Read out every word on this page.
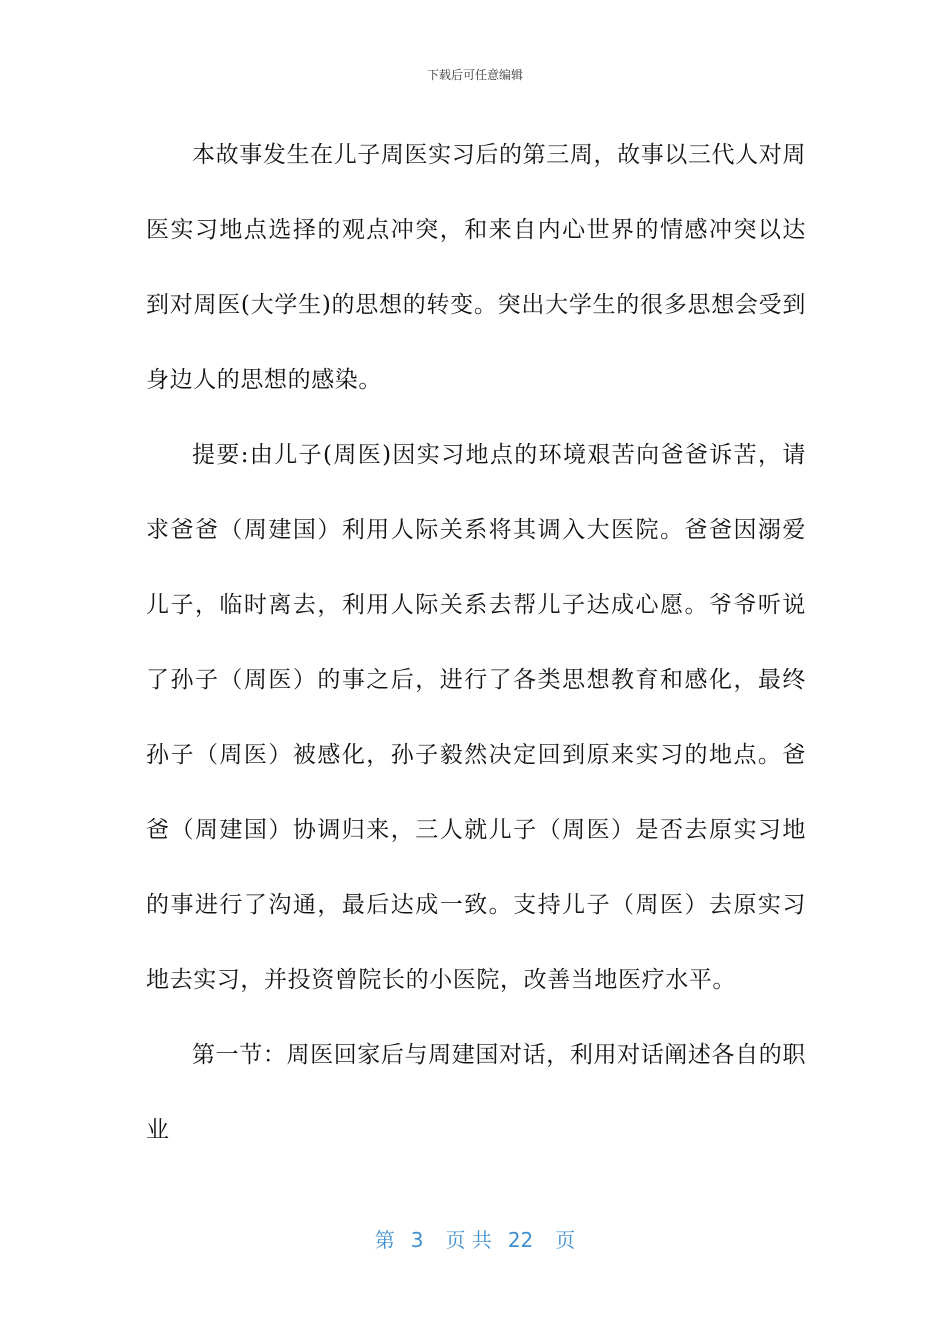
下载后可任意编辑

本故事发生在儿子周医实习后的第三周，故事以三代人对周医实习地点选择的观点冲突，和来自内心世界的情感冲突以达到对周医(大学生)的思想的转变。突出大学生的很多思想会受到身边人的思想的感染。

提要:由儿子(周医)因实习地点的环境艰苦向爸爸诉苦，请求爸爸（周建国）利用人际关系将其调入大医院。爸爸因溺爱儿子，临时离去，利用人际关系去帮儿子达成心愿。爷爷听说了孙子（周医）的事之后，进行了各类思想教育和感化，最终孙子（周医）被感化，孙子毅然决定回到原来实习的地点。爸爸（周建国）协调归来，三人就儿子（周医）是否去原实习地的事进行了沟通，最后达成一致。支持儿子（周医）去原实习地去实习，并投资曾院长的小医院，改善当地医疗水平。

第一节：周医回家后与周建国对话，利用对话阐述各自的职业

第 3 页 共 22 页
